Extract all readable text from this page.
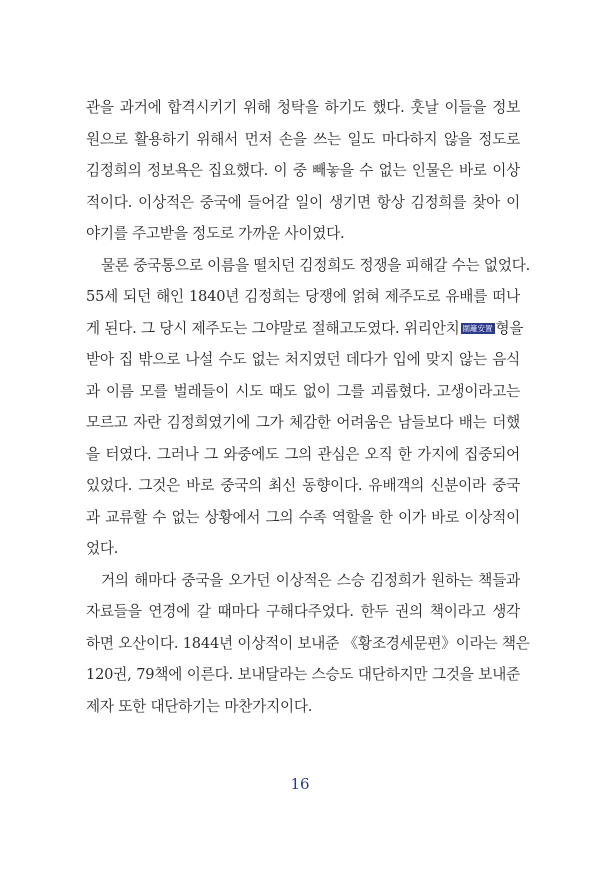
관을 과거에 합격시키기 위해 청탁을 하기도 했다. 훗날 이들을 정보
원으로 활용하기 위해서 먼저 손을 쓰는 일도 마다하지 않을 정도로
김정희의 정보욕은 집요했다. 이 중 빼놓을 수 없는 인물은 바로 이상
적이다. 이상적은 중국에 들어갈 일이 생기면 항상 김정희를 찾아 이
야기를 주고받을 정도로 가까운 사이였다.
물론 중국통으로 이름을 떨치던 김정희도 정쟁을 피해갈 수는 없었다.
55세 되던 해인 1840년 김정희는 당쟁에 얽혀 제주도로 유배를 떠나
게 된다. 그 당시 제주도는 그야말로 절해고도였다. 위리안치 圍籬安置 형을
받아 집 밖으로 나설 수도 없는 처지였던 데다가 입에 맞지 않는 음식
과 이름 모를 벌레들이 시도 때도 없이 그를 괴롭혔다. 고생이라고는
모르고 자란 김정희였기에 그가 체감한 어려움은 남들보다 배는 더했
을 터였다. 그러나 그 와중에도 그의 관심은 오직 한 가지에 집중되어
있었다. 그것은 바로 중국의 최신 동향이다. 유배객의 신분이라 중국
과 교류할 수 없는 상황에서 그의 수족 역할을 한 이가 바로 이상적이
었다.
거의 해마다 중국을 오가던 이상적은 스승 김정희가 원하는 책들과
자료들을 연경에 갈 때마다 구해다주었다. 한두 권의 책이라고 생각
하면 오산이다. 1844년 이상적이 보내준 《황조경세문편》이라는 책은
120권, 79책에 이른다. 보내달라는 스승도 대단하지만 그것을 보내준
제자 또한 대단하기는 마찬가지이다.
16
